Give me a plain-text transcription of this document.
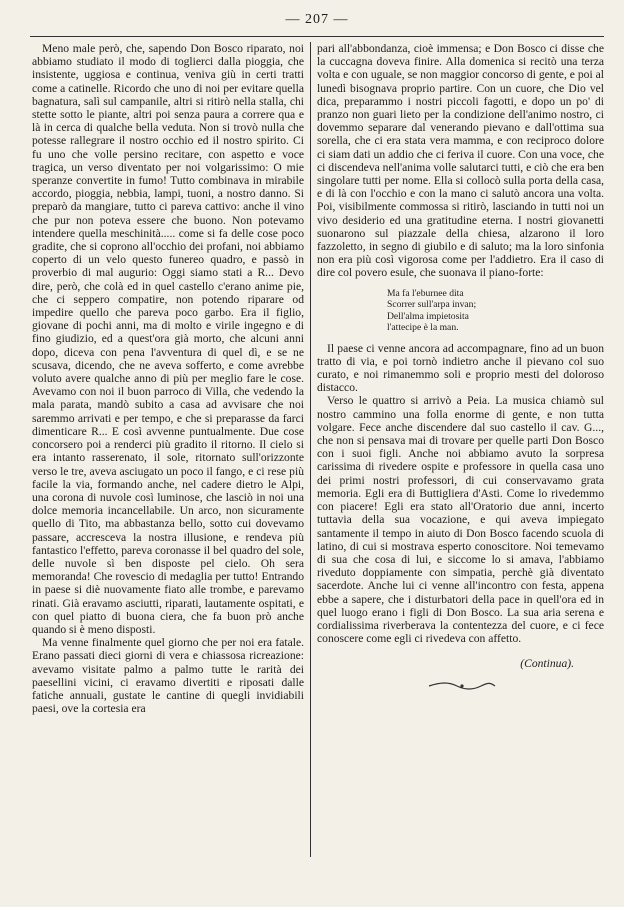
— 207 —

Meno male però, che, sapendo Don Bosco riparato, noi abbiamo studiato il modo di toglierci dalla pioggia, che insistente, uggiosa e continua, veniva giù in certi tratti come a catinelle. Ricordo che uno di noi per evitare quella bagnatura, salì sul campanile, altri si ritirò nella stalla, chi stette sotto le piante, altri poi senza paura a correre qua e là in cerca di qualche bella veduta. Non si trovò nulla che potesse rallegrare il nostro occhio ed il nostro spirito. Ci fu uno che volle persino recitare, con aspetto e voce tragica, un verso diventato per noi volgarissimo: O mie speranze convertite in fumo! Tutto combinava in mirabile accordo, pioggia, nebbia, lampi, tuoni, a nostro danno. Si preparò da mangiare, tutto ci pareva cattivo: anche il vino che pur non poteva essere che buono. Non potevamo intendere quella meschinità..... come si fa delle cose poco gradite, che si coprono all'occhio dei profani, noi abbiamo coperto di un velo questo funereo quadro, e passò in proverbio di mal augurio: Oggi siamo stati a R... Devo dire, però, che colà ed in quel castello c'erano anime pie, che ci seppero compatire, non potendo riparare od impedire quello che pareva poco garbo. Era il figlio, giovane di pochi anni, ma di molto e virile ingegno e di fino giudizio, ed a quest'ora già morto, che alcuni anni dopo, diceva con pena l'avventura di quel dì, e se ne scusava, dicendo, che ne aveva sofferto, e come avrebbe voluto avere qualche anno di più per meglio fare le cose. Avevamo con noi il buon parroco di Villa, che vedendo la mala parata, mandò subito a casa ad avvisare che noi saremmo arrivati e per tempo, e che si preparasse da farci dimenticare R... E così avvenne puntualmente. Due cose concorsero poi a renderci più gradito il ritorno. Il cielo si era intanto rasserenato, il sole, ritornato sull'orizzonte verso le tre, aveva asciugato un poco il fango, e ci rese più facile la via, formando anche, nel cadere dietro le Alpi, una corona di nuvole così luminose, che lasciò in noi una dolce memoria incancellabile. Un arco, non sicuramente quello di Tito, ma abbastanza bello, sotto cui dovevamo passare, accresceva la nostra illusione, e rendeva più fantastico l'effetto, pareva coronasse il bel quadro del sole, delle nuvole sì ben disposte pel cielo. Oh sera memoranda! Che rovescio di medaglia per tutto! Entrando in paese si diè nuovamente fiato alle trombe, e parevamo rinati. Già eravamo asciutti, riparati, lautamente ospitati, e con quel piatto di buona ciera, che fa buon prò anche quando si è meno disposti.

Ma venne finalmente quel giorno che per noi era fatale. Erano passati dieci giorni di vera e chiassosa ricreazione: avevamo visitate palmo a palmo tutte le rarità dei paesellini vicini, ci eravamo divertiti e riposati dalle fatiche annuali, gustate le cantine di quegli invidiabili paesi, ove la cortesia era

pari all'abbondanza, cioè immensa; e Don Bosco ci disse che la cuccagna doveva finire. Alla domenica si recitò una terza volta e con uguale, se non maggior concorso di gente, e poi al lunedì bisognava proprio partire. Con un cuore, che Dio vel dica, preparammo i nostri piccoli fagotti, e dopo un po' di pranzo non guari lieto per la condizione dell'animo nostro, ci dovemmo separare dal venerando pievano e dall'ottima sua sorella, che ci era stata vera mamma, e con reciproco dolore ci siam dati un addio che ci feriva il cuore. Con una voce, che ci discendeva nell'anima volle salutarci tutti, e ciò che era ben singolare tutti per nome. Ella si collocò sulla porta della casa, e di là con l'occhio e con la mano ci salutò ancora una volta. Poi, visibilmente commossa si ritirò, lasciando in tutti noi un vivo desiderio ed una gratitudine eterna. I nostri giovanetti suonarono sul piazzale della chiesa, alzarono il loro fazzoletto, in segno di giubilo e di saluto; ma la loro sinfonia non era più così vigorosa come per l'addietro. Era il caso di dire col povero esule, che suonava il piano-forte:

Ma fa l'eburnee dita
Scorrer sull'arpa invan;
Dell'alma impietosita
l'attecipe è la man.

Il paese ci venne ancora ad accompagnare, fino ad un buon tratto di via, e poi tornò indietro anche il pievano col suo curato, e noi rimanemmo soli e proprio mesti del doloroso distacco.

Verso le quattro si arrivò a Peia. La musica chiamò sul nostro cammino una folla enorme di gente, e non tutta volgare. Fece anche discendere dal suo castello il cav. G..., che non si pensava mai di trovare per quelle parti Don Bosco con i suoi figli. Anche noi abbiamo avuto la sorpresa carissima di rivedere ospite e professore in quella casa uno dei primi nostri professori, di cui conservavamo grata memoria. Egli era di Buttigliera d'Asti. Come lo rivedemmo con piacere! Egli era stato all'Oratorio due anni, incerto tuttavia della sua vocazione, e qui aveva impiegato santamente il tempo in aiuto di Don Bosco facendo scuola di latino, di cui si mostrava esperto conoscitore. Noi temevamo di sua che cosa di lui, e siccome lo si amava, l'abbiamo riveduto doppiamente con simpatia, perchè già diventato sacerdote. Anche lui ci venne all'incontro con festa, appena ebbe a sapere, che i disturbatori della pace in quell'ora ed in quel luogo erano i figli di Don Bosco. La sua aria serena e cordialissima riverberava la contentezza del cuore, e ci fece conoscere come egli ci rivedeva con affetto.

(Continua).
